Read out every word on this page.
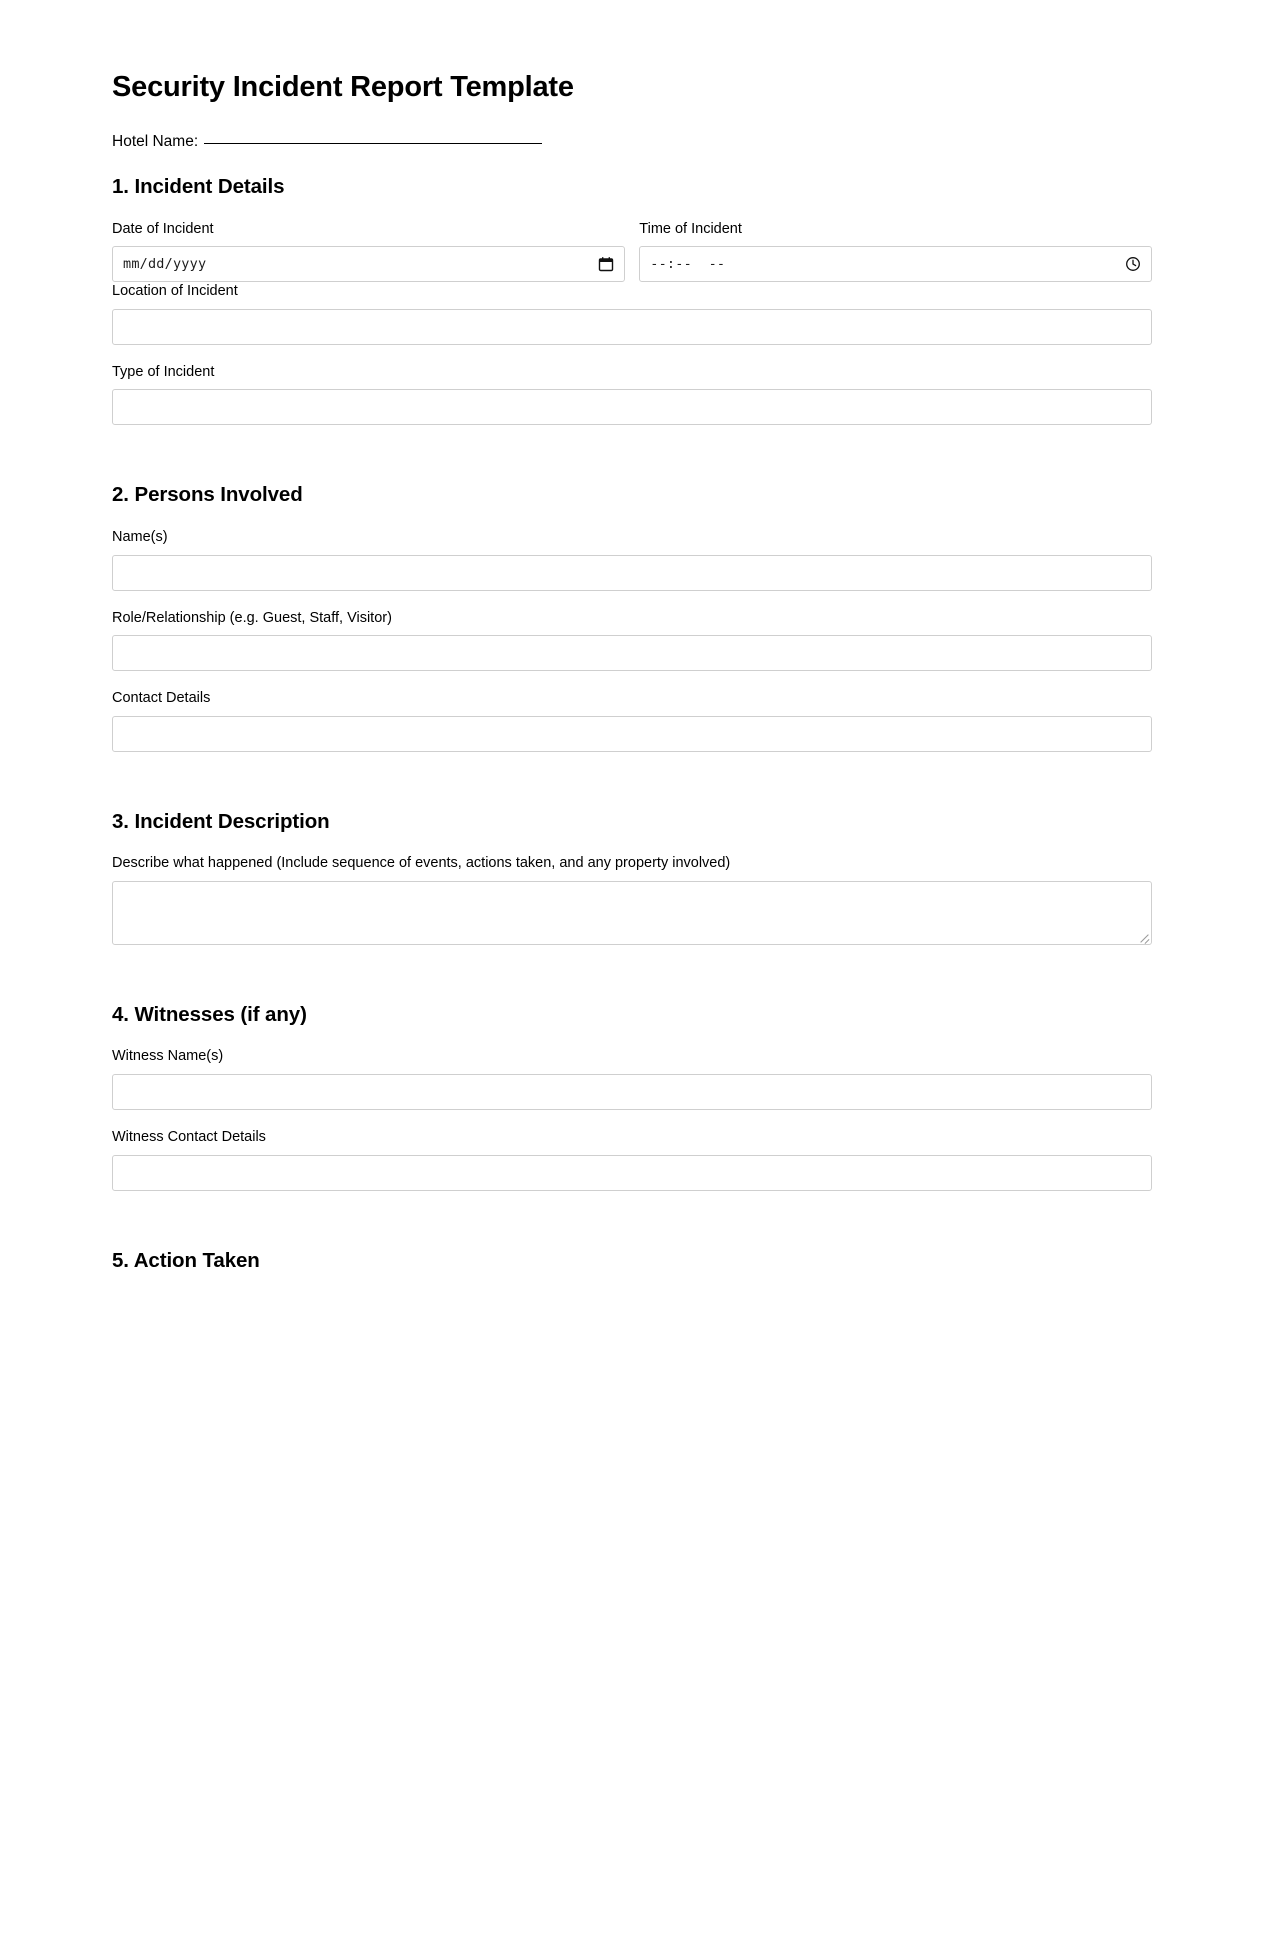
Security Incident Report Template

Hotel Name:

1. Incident Details
Date of Incident
mm/dd/yyyy
Time of Incident
--:--  --
Location of Incident
Type of Incident
2. Persons Involved
Name(s)
Role/Relationship (e.g. Guest, Staff, Visitor)
Contact Details
3. Incident Description
Describe what happened (Include sequence of events, actions taken, and any property involved)
4. Witnesses (if any)
Witness Name(s)
Witness Contact Details
5. Action Taken
